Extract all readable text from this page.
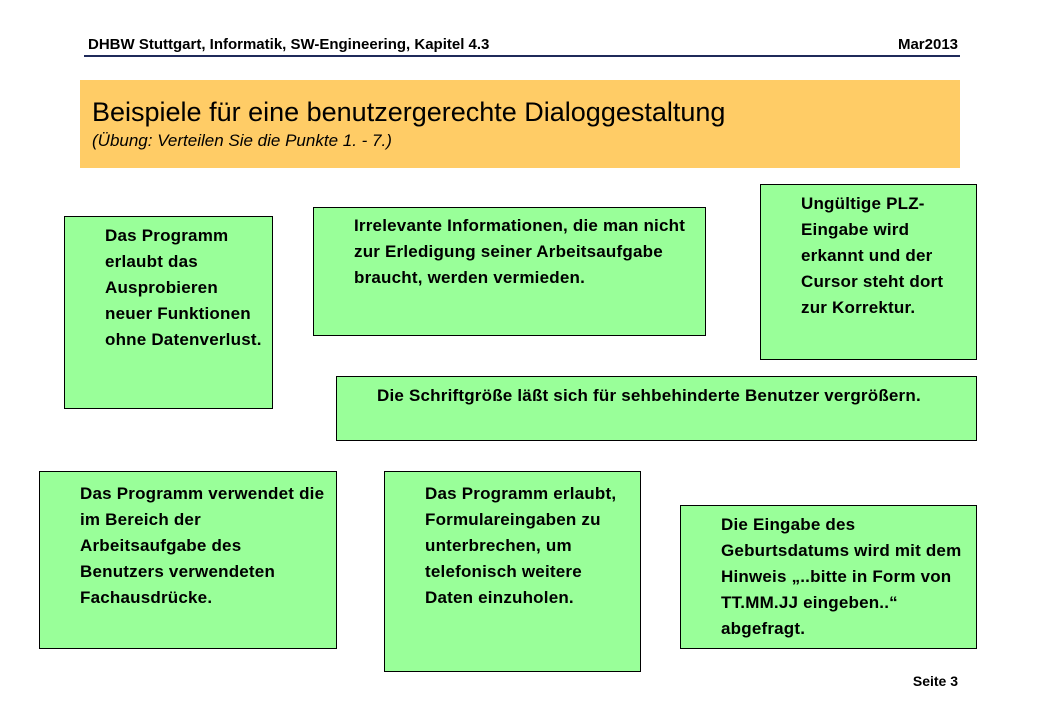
DHBW Stuttgart, Informatik, SW-Engineering, Kapitel 4.3	Mar2013

Beispiele für eine benutzergerechte Dialoggestaltung

(Übung: Verteilen Sie die Punkte 1. - 7.)

Das Programm erlaubt das Ausprobieren neuer Funktionen ohne Datenverlust.
Irrelevante Informationen, die man nicht zur Erledigung seiner Arbeitsaufgabe braucht, werden vermieden.
Ungültige PLZ-Eingabe wird erkannt und der Cursor steht dort zur Korrektur.
Die Schriftgröße läßt sich für sehbehinderte Benutzer vergrößern.
Das Programm verwendet die im Bereich der Arbeitsaufgabe des Benutzers verwendeten Fachausdrücke.
Das Programm erlaubt, Formulareingaben zu unterbrechen, um telefonisch weitere Daten einzuholen.
Die Eingabe des Geburtsdatums wird mit dem Hinweis „..bitte in Form von TT.MM.JJ eingeben..“ abgefragt.
Seite 3
